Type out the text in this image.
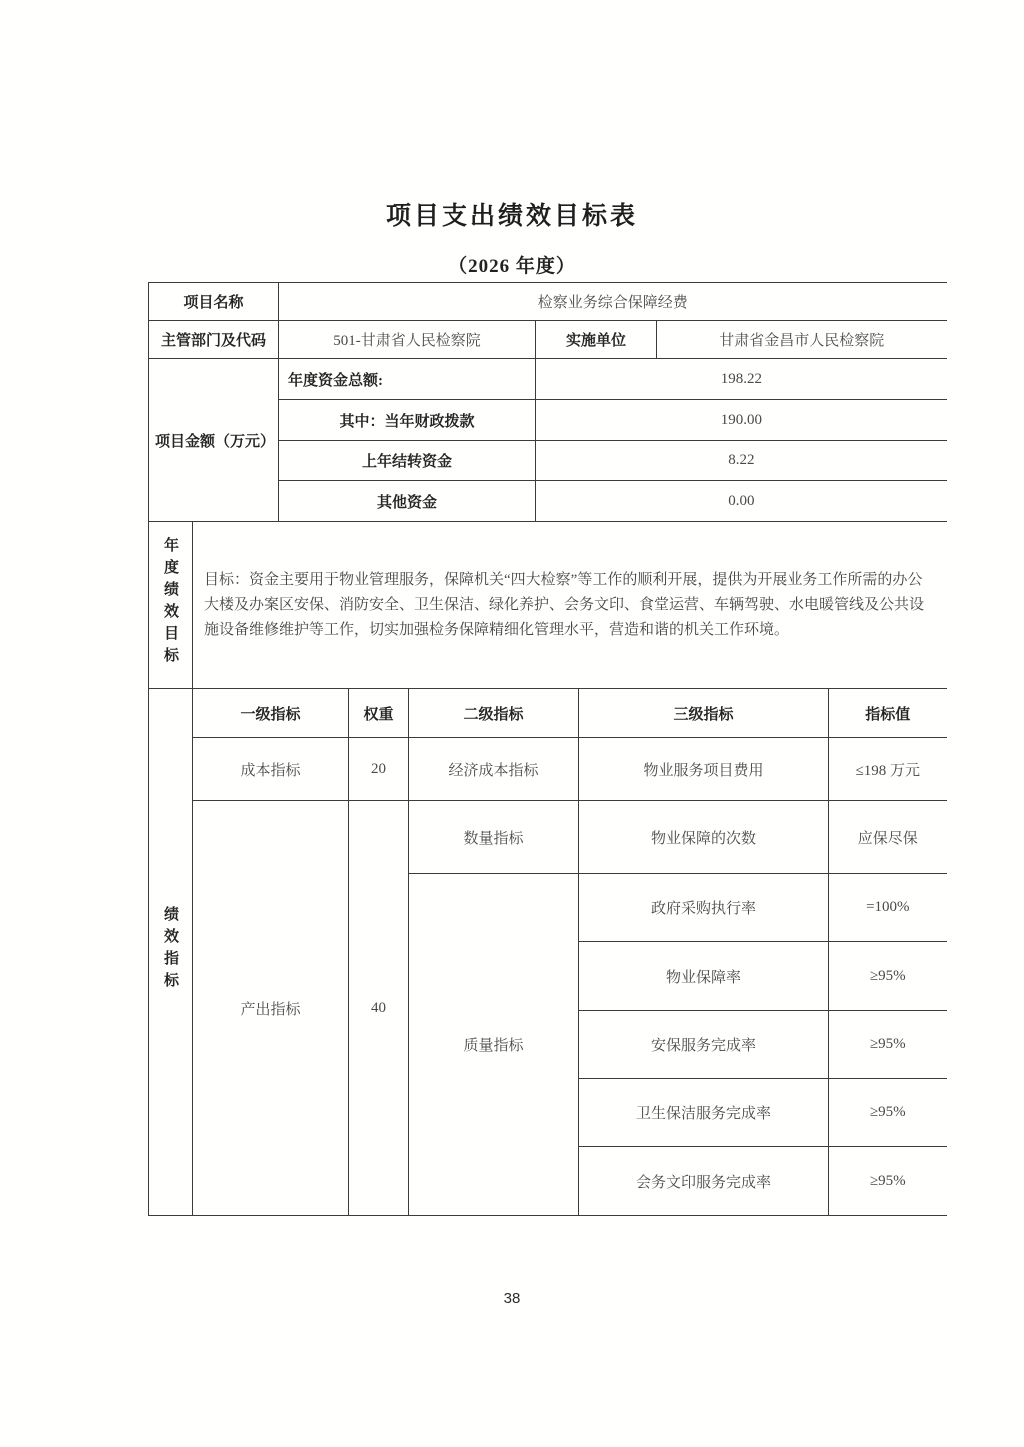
项目支出绩效目标表
（2026 年度）
项目名称		检察业务综合保障经费						
主管部门及代码		501-甘肃省人民检察院			实施单位		甘肃省金昌市人民检察院	
项目金额（万元）		年度资金总额:			198.22			
		其中：当年财政拨款			190.00			
		上年结转资金			8.22			
		其他资金			0.00			
年度绩效目标	目标：资金主要用于物业管理服务，保障机关“四大检察”等工作的顺利开展，提供为开展业务工作所需的办公大楼及办案区安保、消防安全、卫生保洁、绿化养护、会务文印、食堂运营、车辆驾驶、水电暖管线及公共设施设备维修维护等工作，切实加强检务保障精细化管理水平，营造和谐的机关工作环境。							
绩效指标	一级指标		权重	二级指标		三级指标		指标值
	成本指标		20	经济成本指标		物业服务项目费用		≤198 万元
	产出指标		40	数量指标		物业保障的次数		应保尽保
				质量指标		政府采购执行率		=100%
						物业保障率		≥95%
						安保服务完成率		≥95%
						卫生保洁服务完成率		≥95%
						会务文印服务完成率		≥95%
38
